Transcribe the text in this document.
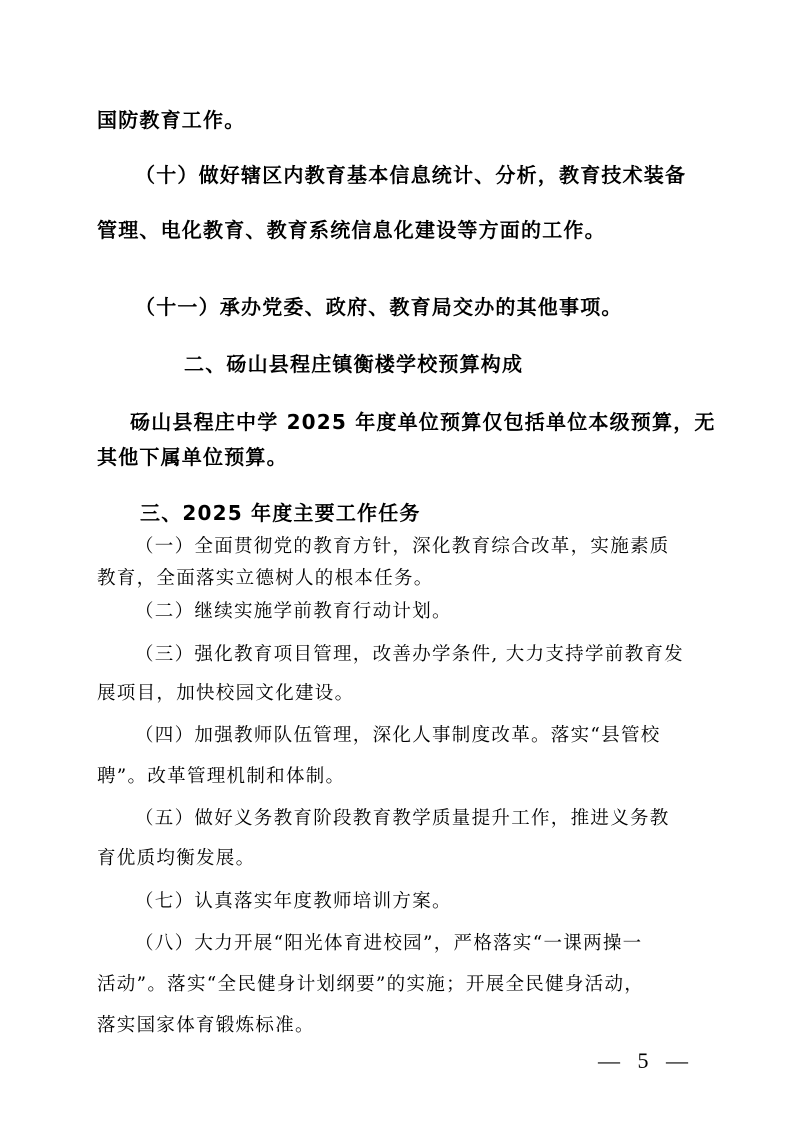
国防教育工作。
（十）做好辖区内教育基本信息统计、分析，教育技术装备
管理、电化教育、教育系统信息化建设等方面的工作。
（十一）承办党委、政府、教育局交办的其他事项。
二、砀山县程庄镇衡楼学校预算构成
砀山县程庄中学 2025 年度单位预算仅包括单位本级预算，无
其他下属单位预算。
三、2025 年度主要工作任务
（一）全面贯彻党的教育方针，深化教育综合改革，实施素质
教育，全面落实立德树人的根本任务。
（二）继续实施学前教育行动计划。
（三）强化教育项目管理，改善办学条件, 大力支持学前教育发
展项目，加快校园文化建设。
（四）加强教师队伍管理，深化人事制度改革。落实“县管校
聘”。改革管理机制和体制。
（五）做好义务教育阶段教育教学质量提升工作，推进义务教
育优质均衡发展。
（七）认真落实年度教师培训方案。
（八）大力开展“阳光体育进校园”，严格落实“一课两操一
活动”。落实“全民健身计划纲要”的实施；开展全民健身活动，
落实国家体育锻炼标准。
— 5 —
